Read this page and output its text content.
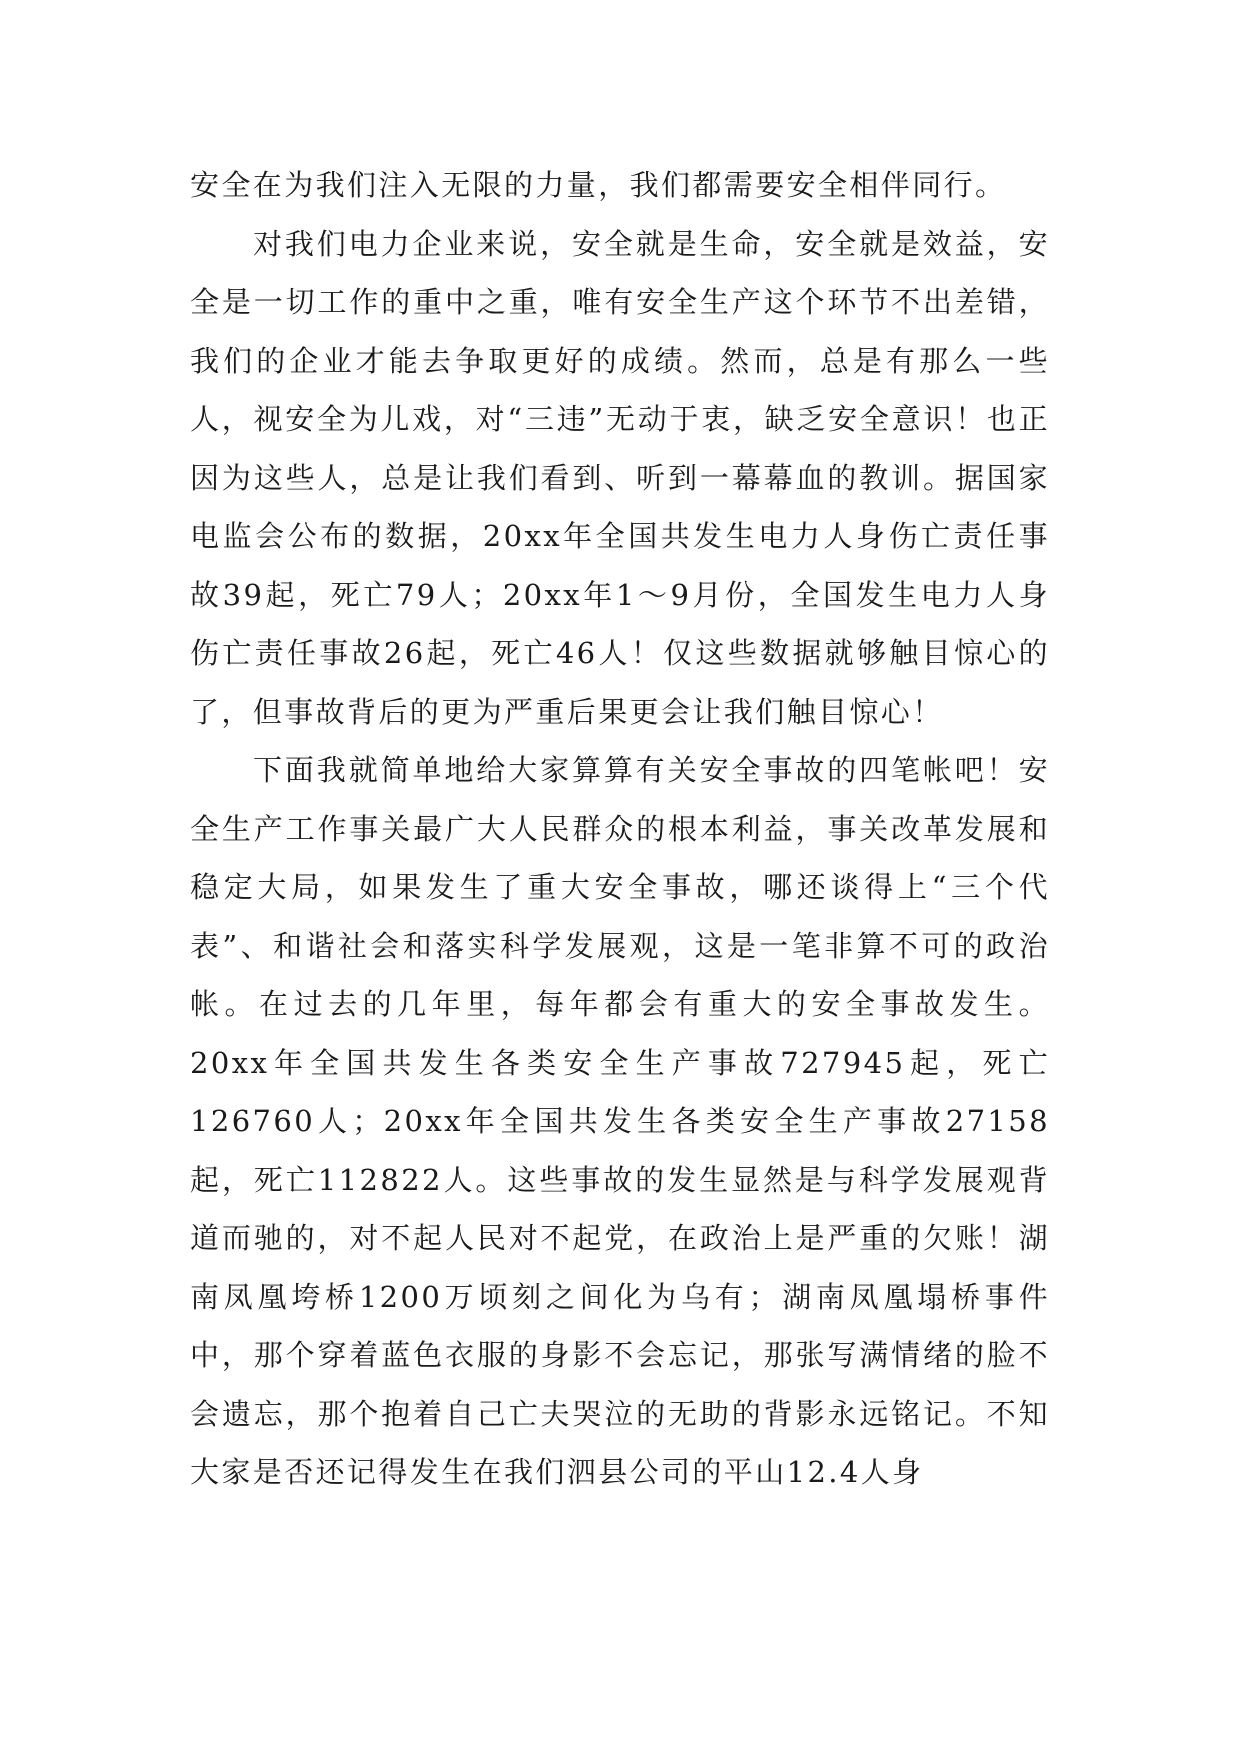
安全在为我们注入无限的力量，我们都需要安全相伴同行。

对我们电力企业来说，安全就是生命，安全就是效益，安全是一切工作的重中之重，唯有安全生产这个环节不出差错，我们的企业才能去争取更好的成绩。然而，总是有那么一些人，视安全为儿戏，对“三违”无动于衷，缺乏安全意识！也正因为这些人，总是让我们看到、听到一幕幕血的教训。据国家电监会公布的数据，20xx年全国共发生电力人身伤亡责任事故39起，死亡79人；20xx年1～9月份，全国发生电力人身伤亡责任事故26起，死亡46人！仅这些数据就够触目惊心的了，但事故背后的更为严重后果更会让我们触目惊心！

下面我就简单地给大家算算有关安全事故的四笔帐吧！安全生产工作事关最广大人民群众的根本利益，事关改革发展和稳定大局，如果发生了重大安全事故，哪还谈得上“三个代表”、和谐社会和落实科学发展观，这是一笔非算不可的政治帐。在过去的几年里，每年都会有重大的安全事故发生。20xx年全国共发生各类安全生产事故727945起，死亡126760人；20xx年全国共发生各类安全生产事故27158起，死亡112822人。这些事故的发生显然是与科学发展观背道而驰的，对不起人民对不起党，在政治上是严重的欠账！湖南凤凰垮桥1200万顷刻之间化为乌有；湖南凤凰塌桥事件中，那个穿着蓝色衣服的身影不会忘记，那张写满情绪的脸不会遗忘，那个抱着自己亡夫哭泣的无助的背影永远铭记。不知大家是否还记得发生在我们泗县公司的平山12.4人身
